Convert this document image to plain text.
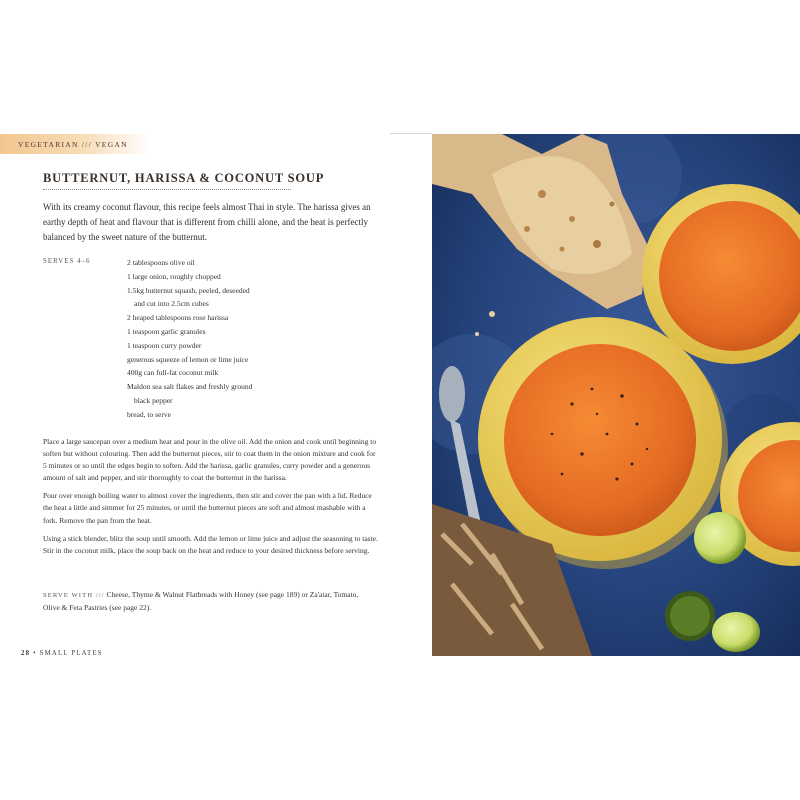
VEGETARIAN /// VEGAN
BUTTERNUT, HARISSA & COCONUT SOUP

With its creamy coconut flavour, this recipe feels almost Thai in style. The harissa gives an earthy depth of heat and flavour that is different from chilli alone, and the heat is perfectly balanced by the sweet nature of the butternut.

SERVES 4–6	2 tablespoons olive oil
1 large onion, roughly chopped
1.5kg butternut squash, peeled, deseeded
and cut into 2.5cm cubes
2 heaped tablespoons rose harissa
1 teaspoon garlic granules
1 teaspoon curry powder
generous squeeze of lemon or lime juice
400g can full-fat coconut milk
Maldon sea salt flakes and freshly ground
black pepper
bread, to serve

Place a large saucepan over a medium heat and pour in the olive oil. Add the onion and cook until beginning to soften but without colouring. Then add the butternut pieces, stir to coat them in the onion mixture and cook for 5 minutes or so until the edges begin to soften. Add the harissa, garlic granules, curry powder and a generous amount of salt and pepper, and stir thoroughly to coat the butternut in the harissa.

Pour over enough boiling water to almost cover the ingredients, then stir and cover the pan with a lid. Reduce the heat a little and simmer for 25 minutes, or until the butternut pieces are soft and almost mashable with a fork. Remove the pan from the heat.

Using a stick blender, blitz the soup until smooth. Add the lemon or lime juice and adjust the seasoning to taste. Stir in the coconut milk, place the soup back on the heat and reduce to your desired thickness before serving.

SERVE WITH /// Cheese, Thyme & Walnut Flatbreads with Honey (see page 189) or Za'atar, Tomato, Olive & Feta Pastries (see page 22).

28 • SMALL PLATES
